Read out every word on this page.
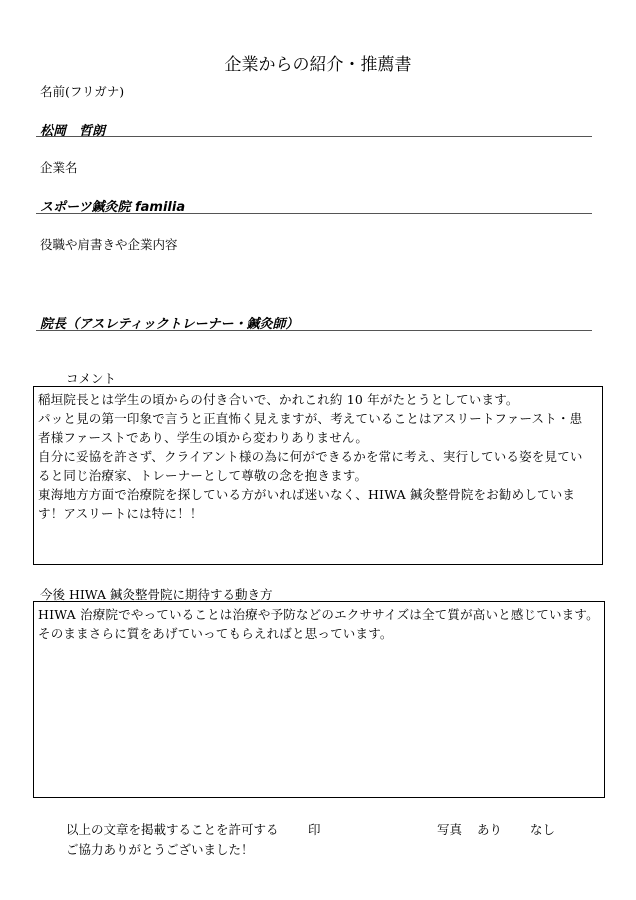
企業からの紹介・推薦書
名前(フリガナ)
松岡　哲朗
企業名
スポーツ鍼灸院 familia
役職や肩書きや企業内容
院長（アスレティックトレーナー・鍼灸師）
コメント

稲垣院長とは学生の頃からの付き合いで、かれこれ約 10 年がたとうとしています。

パッと見の第一印象で言うと正直怖く見えますが、考えていることはアスリートファースト・患

者様ファーストであり、学生の頃から変わりありません。

自分に妥協を許さず、クライアント様の為に何ができるかを常に考え、実行している姿を見てい

ると同じ治療家、トレーナーとして尊敬の念を抱きます。

東海地方方面で治療院を探している方がいれば迷いなく、HIWA 鍼灸整骨院をお勧めしていま

す！アスリートには特に！！

今後 HIWA 鍼灸整骨院に期待する動き方

HIWA 治療院でやっていることは治療や予防などのエクササイズは全て質が高いと感じています。

そのままさらに質をあげていってもらえればと思っています。

以上の文章を掲載することを許可する 印	写真 あり なし
ご協力ありがとうございました！
